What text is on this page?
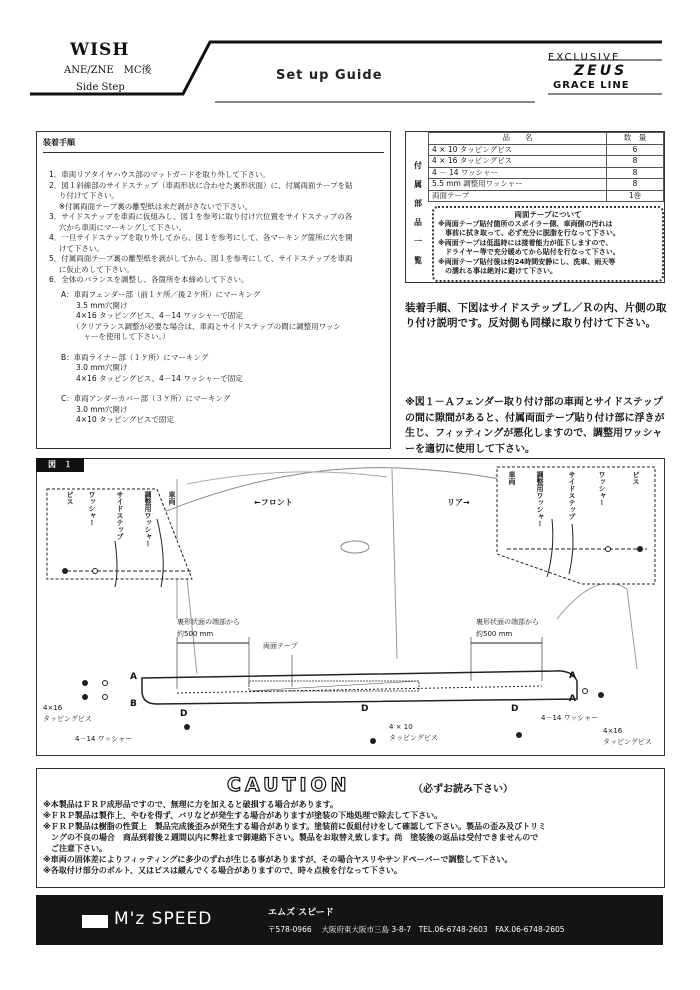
WISH
ANE/ZNE　MC後
Side Step
Set up Guide
EXCLUSIVE
ZEUS
GRACE LINE
装着手順
1．車両リアタイヤハウス部のマットガードを取り外して下さい。
2．図１斜線部のサイドステップ（車両形状に合わせた裏形状面）に、付属両面テープを貼
　 り付けて下さい。
　 ※付属両面テープ裏の離型紙は未だ剥がさないで下さい。
3．サイドステップを車両に仮組みし、図１を参考に取り付け穴位置をサイドステップの各
　 穴から車両にマーキングして下さい。
4．一旦サイドステップを取り外してから、図１を参考にして、各マーキング箇所に穴を開
　 けて下さい。
5．付属両面テープ裏の離型紙を剥がしてから、図１を参考にして、サイドステップを車両
　 に仮止めして下さい。
6．全体のバランスを調整し、各箇所を本締めして下さい。
A：車両フェンダー部（前１ケ所／後２ケ所）にマーキング
　　3.5 mm穴開け
　　4×16 タッピングビス、4－14 ワッシャーで固定
　　（クリアランス調整が必要な場合は、車両とサイドステップの間に調整用ワッシ
　　　ャーを使用して下さい。）
B：車両ライナー部（１ケ所）にマーキング
　　3.0 mm穴開け
　　4×16 タッピングビス、4－14 ワッシャーで固定
C：車両アンダーカバー部（３ケ所）にマーキング
　　3.0 mm穴開け
　　4×10 タッピングビスで固定
付
属
部
品
一
覧
品　　名	数　量
4 × 10 タッピングビス	6
4 × 16 タッピングビス	8
4 － 14 ワッシャー	8
5.5 mm 調整用ワッシャー	8
両面テープ	1巻
両面テープについて
※両面テープ貼付箇所のスポイラー側、車両側の汚れは
　事前に拭き取って、必ず充分に脱脂を行なって下さい。
※両面テープは低温時には接着能力が低下しますので、
　ドライヤー等で充分暖めてから貼付を行なって下さい。
※両面テープ貼付後は約24時間安静にし、洗車、雨天等
　の濡れる事は絶対に避けて下さい。
装着手順、下図はサイドステップＬ／Ｒの内、片側の取り付け説明です。反対側も同様に取り付けて下さい。
※図１－Ａフェンダー取り付け部の車両とサイドステップの間に隙間があると、付属両面テープ貼り付け部に浮きが生じ、フィッティングが悪化しますので、調整用ワッシャーを適切に使用して下さい。
図　１
←フロント	リア→
ビス ワッシャー	サイドステップ	調整用ワッシャー 車両
車両	調整用ワッシャー	サイドステップ	ワッシャー	ビス
裏形状面の端部から
約500 mm
裏形状面の端部から
約500 mm
両面テープ
A
B
A
A
D	D	D
4×16
タッピングビス
4－14 ワッシャー
4 × 10
タッピングビス
4－14 ワッシャー
4×16
タッピングビス
CAUTION	（必ずお読み下さい）
※本製品はＦＲＰ成形品ですので、無理に力を加えると破損する場合があります。
※ＦＲＰ製品は製作上、やむを得ず、バリなどが発生する場合がありますが塗装の下地処理で除去して下さい。
※ＦＲＰ製品は樹脂の性質上　製品完成後歪みが発生する場合があります。塗装前に仮組付けをして確認して下さい。製品の歪み及びトリミ
　ングの不良の場合　商品到着後２週間以内に弊社まで御連絡下さい。製品をお取替え致します。尚　塗装後の返品は受付できませんので
　ご注意下さい。
※車両の固体差によりフィッティングに多少のずれが生じる事がありますが、その場合ヤスリやサンドペーパーで調整して下さい。
※各取付け部分のボルト、又はビスは緩んでくる場合がありますので、時々点検を行なって下さい。
M'z SPEED	エムズ スピード
〒578-0966　 大阪府東大阪市三島 3-8-7　TEL.06-6748-2603　FAX.06-6748-2605
